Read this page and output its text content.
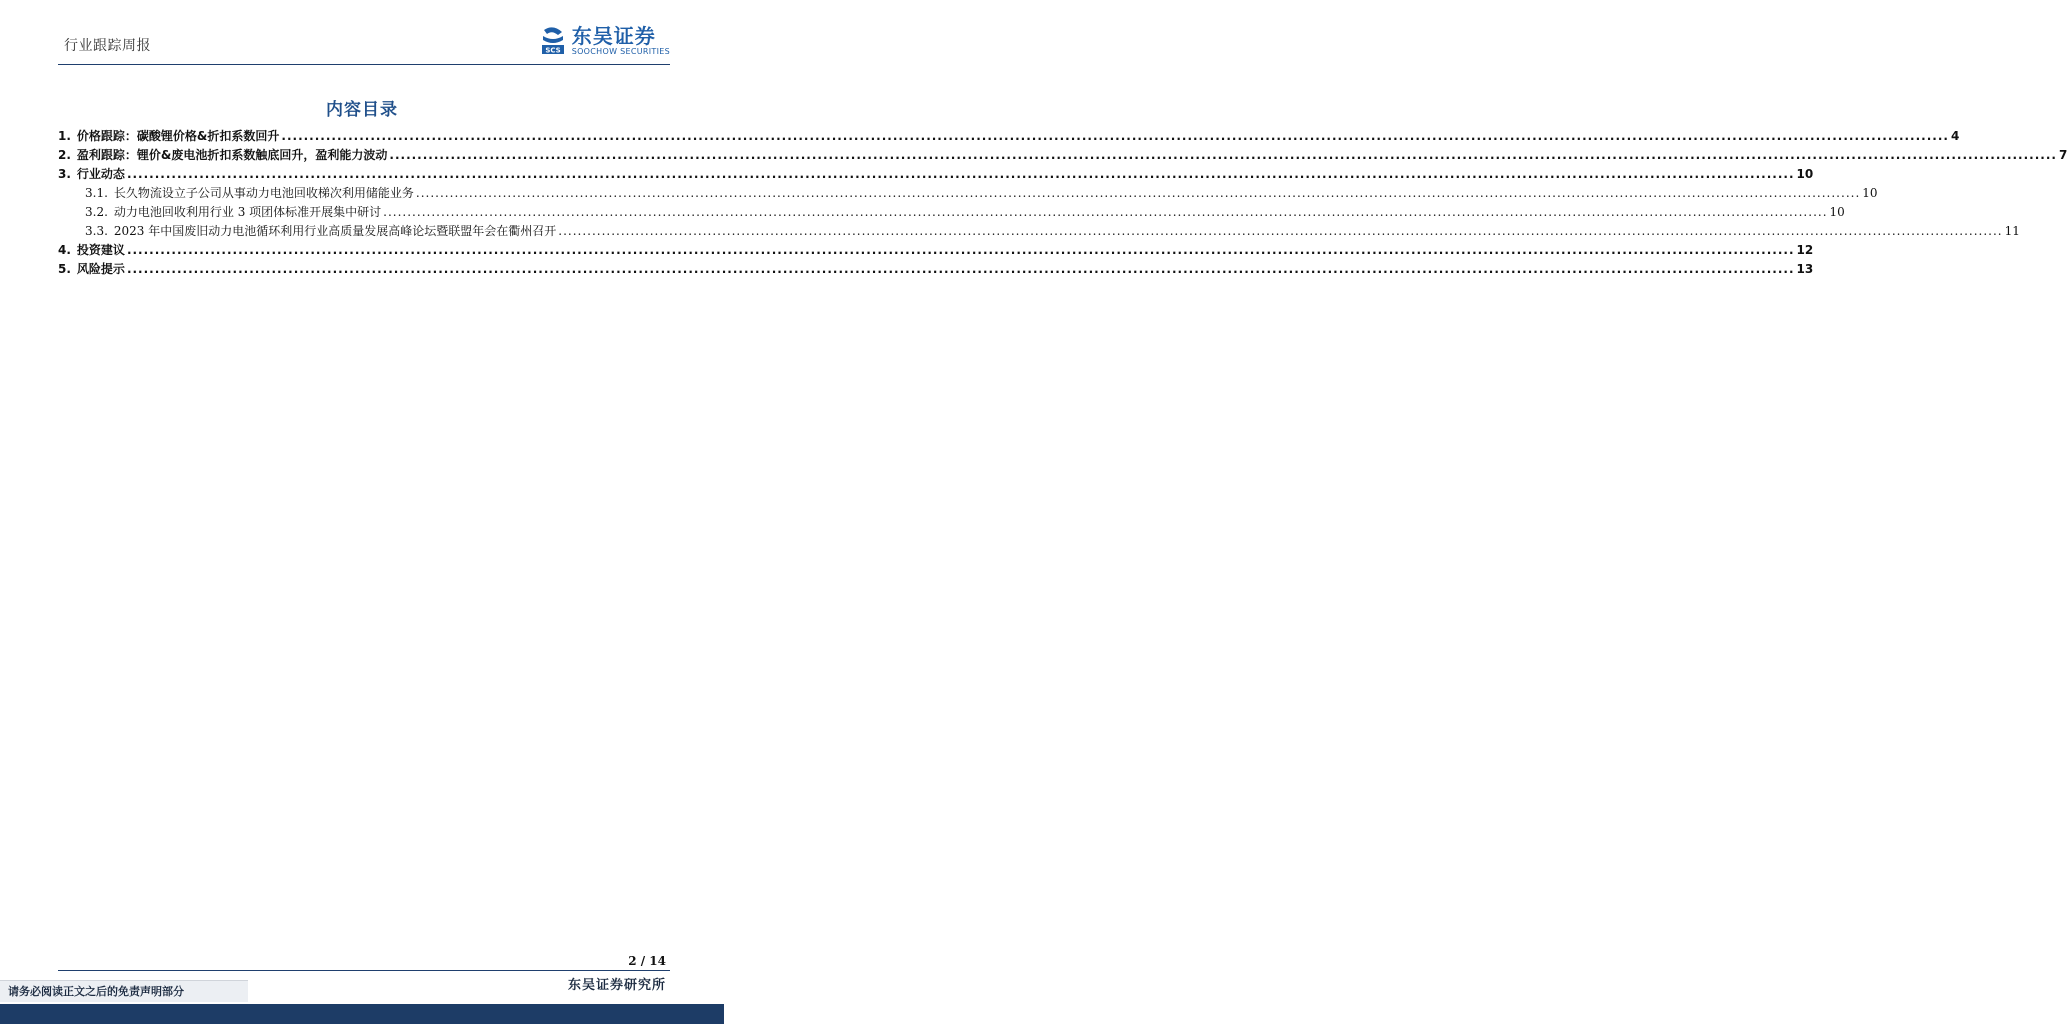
行业跟踪周报	SCS
东吴证券
SOOCHOW SECURITIES
内容目录
1. 价格跟踪：碳酸锂价格&折扣系数回升 .....	4
2. 盈利跟踪：锂价&废电池折扣系数触底回升，盈利能力波动 .....	7
3. 行业动态 .....	10
3.1. 长久物流设立子公司从事动力电池回收梯次利用储能业务 .....	10
3.2. 动力电池回收利用行业 3 项团体标准开展集中研讨 .....	10
3.3. 2023 年中国废旧动力电池循环利用行业高质量发展高峰论坛暨联盟年会在衢州召开 .....	11
4. 投资建议 .....	12
5. 风险提示 .....	13
2 / 14
请务必阅读正文之后的免责声明部分	东吴证券研究所
